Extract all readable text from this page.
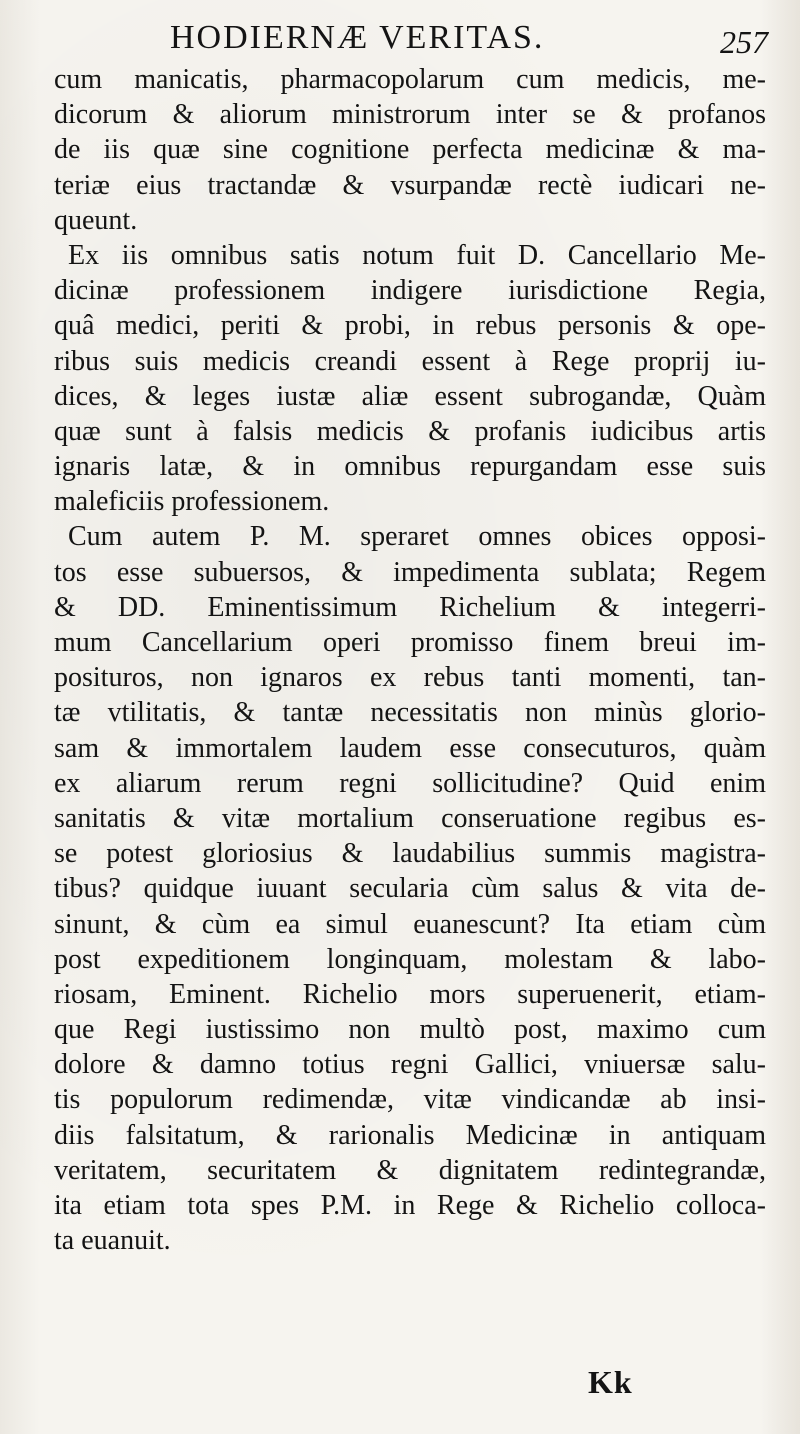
HODIERNÆ VERITAS.	257
cum manicatis, pharmacopolarum cum medicis, me-
dicorum & aliorum ministrorum inter se & profanos
de iis quæ sine cognitione perfecta medicinæ & ma-
teriæ eius tractandæ & vsurpandæ rectè iudicari ne-
queunt.
Ex iis omnibus satis notum fuit D. Cancellario Me-
dicinæ professionem indigere iurisdictione Regia,
quâ medici, periti & probi, in rebus personis & ope-
ribus suis medicis creandi essent à Rege proprij iu-
dices, & leges iustæ aliæ essent subrogandæ, Quàm
quæ sunt à falsis medicis & profanis iudicibus artis
ignaris latæ, & in omnibus repurgandam esse suis
maleficiis professionem.
Cum autem P. M. speraret omnes obices opposi-
tos esse subuersos, & impedimenta sublata; Regem
& DD. Eminentissimum Richelium & integerri-
mum Cancellarium operi promisso finem breui im-
posituros, non ignaros ex rebus tanti momenti, tan-
tæ vtilitatis, & tantæ necessitatis non minùs glorio-
sam & immortalem laudem esse consecuturos, quàm
ex aliarum rerum regni sollicitudine? Quid enim
sanitatis & vitæ mortalium conseruatione regibus es-
se potest gloriosius & laudabilius summis magistra-
tibus? quidque iuuant secularia cùm salus & vita de-
sinunt, & cùm ea simul euanescunt? Ita etiam cùm
post expeditionem longinquam, molestam & labo-
riosam, Eminent. Richelio mors superuenerit, etiam-
que Regi iustissimo non multò post, maximo cum
dolore & damno totius regni Gallici, vniuersæ salu-
tis populorum redimendæ, vitæ vindicandæ ab insi-
diis falsitatum, & rarionalis Medicinæ in antiquam
veritatem, securitatem & dignitatem redintegrandæ,
ita etiam tota spes P.M. in Rege & Richelio colloca-
ta euanuit.
Kk
